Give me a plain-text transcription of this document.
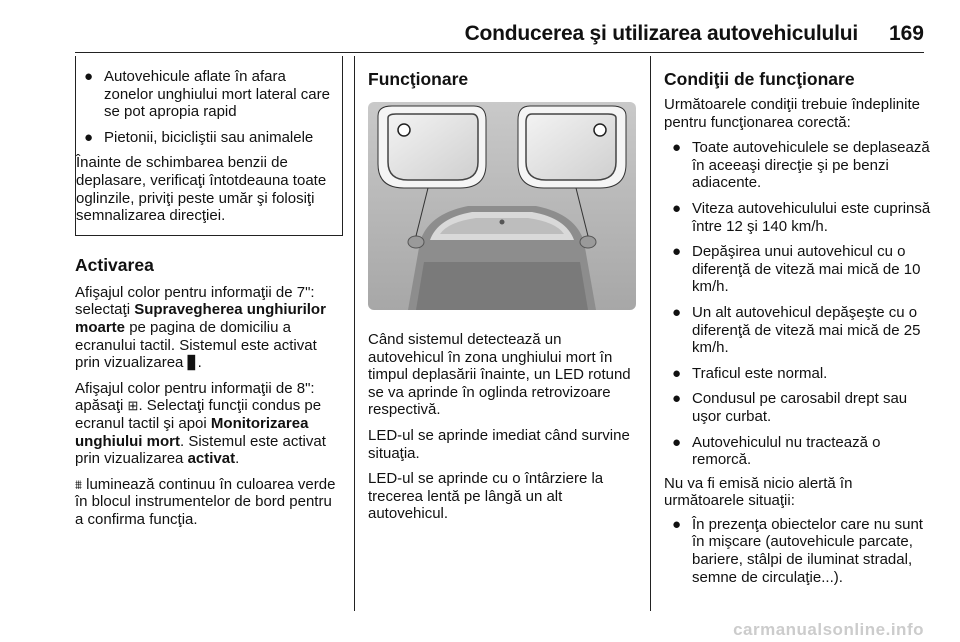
Conducerea şi utilizarea autovehiculului 169
● Autovehicule aflate în afara zonelor unghiului mort lateral care se pot apropia rapid
● Pietonii, bicicliştii sau animalele

Înainte de schimbarea benzii de deplasare, verificaţi întotdeauna toate oglinzile, priviţi peste umăr şi folosiţi semnalizarea direcţiei.

Activarea

Afişajul color pentru informaţii de 7": selectaţi Supravegherea unghiurilor moarte pe pagina de domiciliu a ecranului tactil. Sistemul este activat prin vizualizarea ▊.

Afişajul color pentru informaţii de 8": apăsaţi ⊞. Selectaţi funcţii condus pe ecranul tactil şi apoi Monitorizarea unghiului mort. Sistemul este activat prin vizualizarea activat.

⩩ luminează continuu în culoarea verde în blocul instrumentelor de bord pentru a confirma funcţia.

Funcţionare

Când sistemul detectează un autovehicul în zona unghiului mort în timpul deplasării înainte, un LED rotund se va aprinde în oglinda retrovizoare respectivă.

LED-ul se aprinde imediat când survine situaţia.

LED-ul se aprinde cu o întârziere la trecerea lentă pe lângă un alt autovehicul.

Condiţii de funcţionare

Următoarele condiţii trebuie îndeplinite pentru funcţionarea corectă:

● Toate autovehiculele se deplasează în aceeaşi direcţie şi pe benzi adiacente.
● Viteza autovehiculului este cuprinsă între 12 şi 140 km/h.
● Depăşirea unui autovehicul cu o diferenţă de viteză mai mică de 10 km/h.
● Un alt autovehicul depăşeşte cu o diferenţă de viteză mai mică de 25 km/h.
● Traficul este normal.
● Condusul pe carosabil drept sau uşor curbat.
● Autovehiculul nu tractează o remorcă.

Nu va fi emisă nicio alertă în următoarele situaţii:

● În prezenţa obiectelor care nu sunt în mişcare (autovehicule parcate, bariere, stâlpi de iluminat stradal, semne de circulaţie...).
carmanualsonline.info
